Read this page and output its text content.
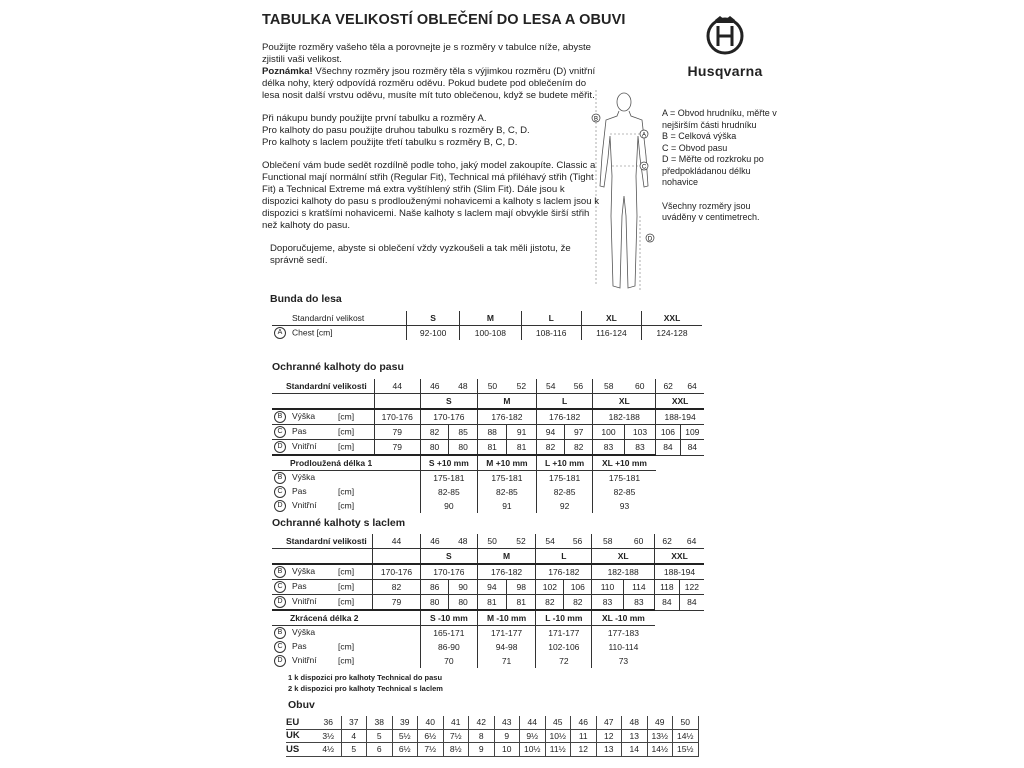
TABULKA VELIKOSTÍ OBLEČENÍ DO LESA A OBUVI

Použijte rozměry vašeho těla a porovnejte je s rozměry v tabulce níže, abyste zjistili vaši velikost.
Poznámka! Všechny rozměry jsou rozměry těla s výjimkou rozměru (D) vnitřní délka nohy, který odpovídá rozměru oděvu. Pokud budete pod oblečením do lesa nosit další vrstvu oděvu, musíte mít tuto oblečenou, když se budete měřit.

Při nákupu bundy použijte první tabulku a rozměry A.
Pro kalhoty do pasu použijte druhou tabulku s rozměry B, C, D.
Pro kalhoty s laclem použijte třetí tabulku s rozměry B, C, D.

Oblečení vám bude sedět rozdílně podle toho, jaký model zakoupíte. Classic a Functional mají normální střih (Regular Fit), Technical má přiléhavý střih (Tight Fit) a Technical Extreme má extra vyštíhlený střih (Slim Fit). Dále jsou k dispozici kalhoty do pasu s prodlouženými nohavicemi a kalhoty s laclem jsou k dispozici s kratšími nohavicemi. Naše kalhoty s laclem mají obvykle širší střih než kalhoty do pasu.

Doporučujeme, abyste si oblečení vždy vyzkoušeli a tak měli jistotu, že správně sedí.

Husqvarna
B
A
C
D
A = Obvod hrudníku, měřte v nejširším části hrudníku
B = Celková výška
C = Obvod pasu
D = Měřte od rozkroku po předpokládanou délku nohavice
Všechny rozměry jsou uváděny v centimetrech.
Bunda do lesa
Standardní velikost	S	M	L	XL	XXL
A Chest [cm]	92-100	100-108	108-116	116-124	124-128
Ochranné kalhoty do pasu
Ochranné kalhoty s laclem
1 k dispozici pro kalhoty Technical do pasu
2 k dispozici pro kalhoty Technical s laclem
Obuv
EU	36	37	38	39	40	41	42	43	44	45	46	47	48	49	50
UK	3½	4	5	5½	6½	7½	8	9	9½	10½	11	12	13	13½	14½
US	4½	5	6	6½	7½	8½	9	10	10½	11½	12	13	14	14½	15½
Standardní velikosti	44	46	48	50	52	54	56	58	60	62	64
		S		M		L		XL		XXL	
B Výška [cm]	170-176	170-176		176-182		176-182		182-188		188-194	
C Pas [cm]	79	82	85	88	91	94	97	100	103	106	109
D Vnitřní [cm]	79	80	80	81	81	82	82	83	83	84	84
Prodloužená délka 1		S +10 mm		M +10 mm		L +10 mm		XL +10 mm			
B Výška		175-181		175-181		175-181		175-181			
C Pas [cm]		82-85		82-85		82-85		82-85			
D Vnitřní [cm]		90		91		92		93			
Standardní velikosti	44	46	48	50	52	54	56	58	60	62	64
		S		M		L		XL		XXL	
B Výška [cm]	170-176	170-176		176-182		176-182		182-188		188-194	
C Pas [cm]	82	86	90	94	98	102	106	110	114	118	122
D Vnitřní [cm]	79	80	80	81	81	82	82	83	83	84	84
Zkrácená délka 2		S -10 mm		M -10 mm		L -10 mm		XL -10 mm			
B Výška		165-171		171-177		171-177		177-183			
C Pas [cm]		86-90		94-98		102-106		110-114			
D Vnitřní [cm]		70		71		72		73			
